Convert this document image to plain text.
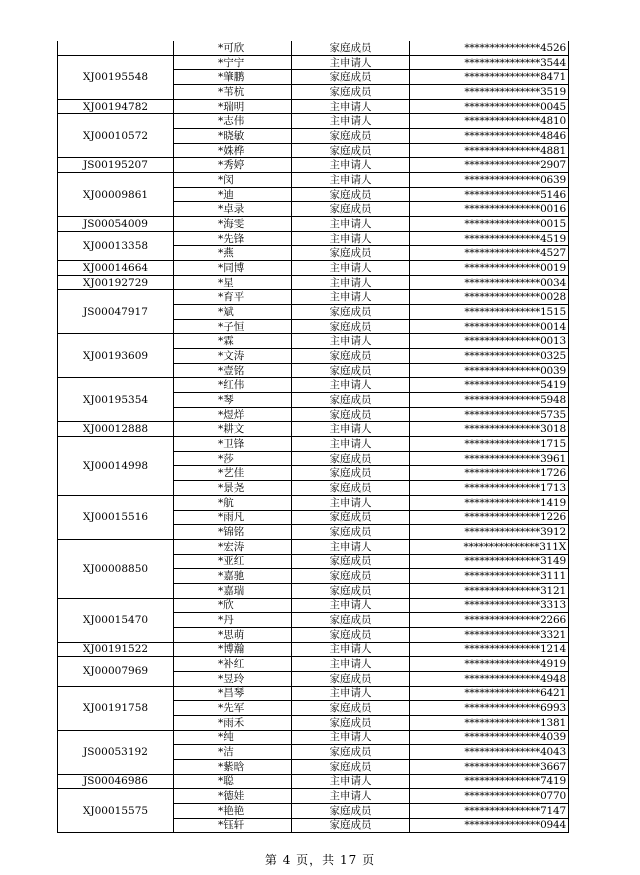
	*可欣	家庭成员	***************4526
XJ00195548	*宁宁	主申请人	***************3544
	*肇鹏	家庭成员	***************8471
	*苇杭	家庭成员	***************3519
XJ00194782	*瑞明	主申请人	***************0045
XJ00010572	*志伟	主申请人	***************4810
	*晓敏	家庭成员	***************4846
	*姝桦	家庭成员	***************4881
JS00195207	*秀婷	主申请人	***************2907
XJ00009861	*闵	主申请人	***************0639
	*迪	家庭成员	***************5146
	*卓录	家庭成员	***************0016
JS00054009	*海雯	主申请人	***************0015
XJ00013358	*先锋	主申请人	***************4519
	*燕	家庭成员	***************4527
XJ00014664	*同博	主申请人	***************0019
XJ00192729	*星	主申请人	***************0034
JS00047917	*育平	主申请人	***************0028
	*斌	家庭成员	***************1515
	*子恒	家庭成员	***************0014
XJ00193609	*霖	主申请人	***************0013
	*文涛	家庭成员	***************0325
	*壹铭	家庭成员	***************0039
XJ00195354	*红伟	主申请人	***************5419
	*琴	家庭成员	***************5948
	*煜烊	家庭成员	***************5735
XJ00012888	*耕文	主申请人	***************3018
XJ00014998	*卫锋	主申请人	***************1715
	*莎	家庭成员	***************3961
	*艺佳	家庭成员	***************1726
	*景尧	家庭成员	***************1713
XJ00015516	*航	主申请人	***************1419
	*雨凡	家庭成员	***************1226
	*锦铭	家庭成员	***************3912
XJ00008850	*宏涛	主申请人	***************311X
	*亚红	家庭成员	***************3149
	*嘉驰	家庭成员	***************3111
	*嘉瑞	家庭成员	***************3121
XJ00015470	*欣	主申请人	***************3313
	*丹	家庭成员	***************2266
	*思萌	家庭成员	***************3321
XJ00191522	*博瀚	主申请人	***************1214
XJ00007969	*补红	主申请人	***************4919
	*昱玲	家庭成员	***************4948
XJ00191758	*昌琴	主申请人	***************6421
	*先军	家庭成员	***************6993
	*雨禾	家庭成员	***************1381
JS00053192	*纯	主申请人	***************4039
	*洁	家庭成员	***************4043
	*紫晗	家庭成员	***************3667
JS00046986	*聪	主申请人	***************7419
XJ00015575	*德娃	主申请人	***************0770
	*艳艳	家庭成员	***************7147
	*钰轩	家庭成员	***************0944
第 4 页，共 17 页
